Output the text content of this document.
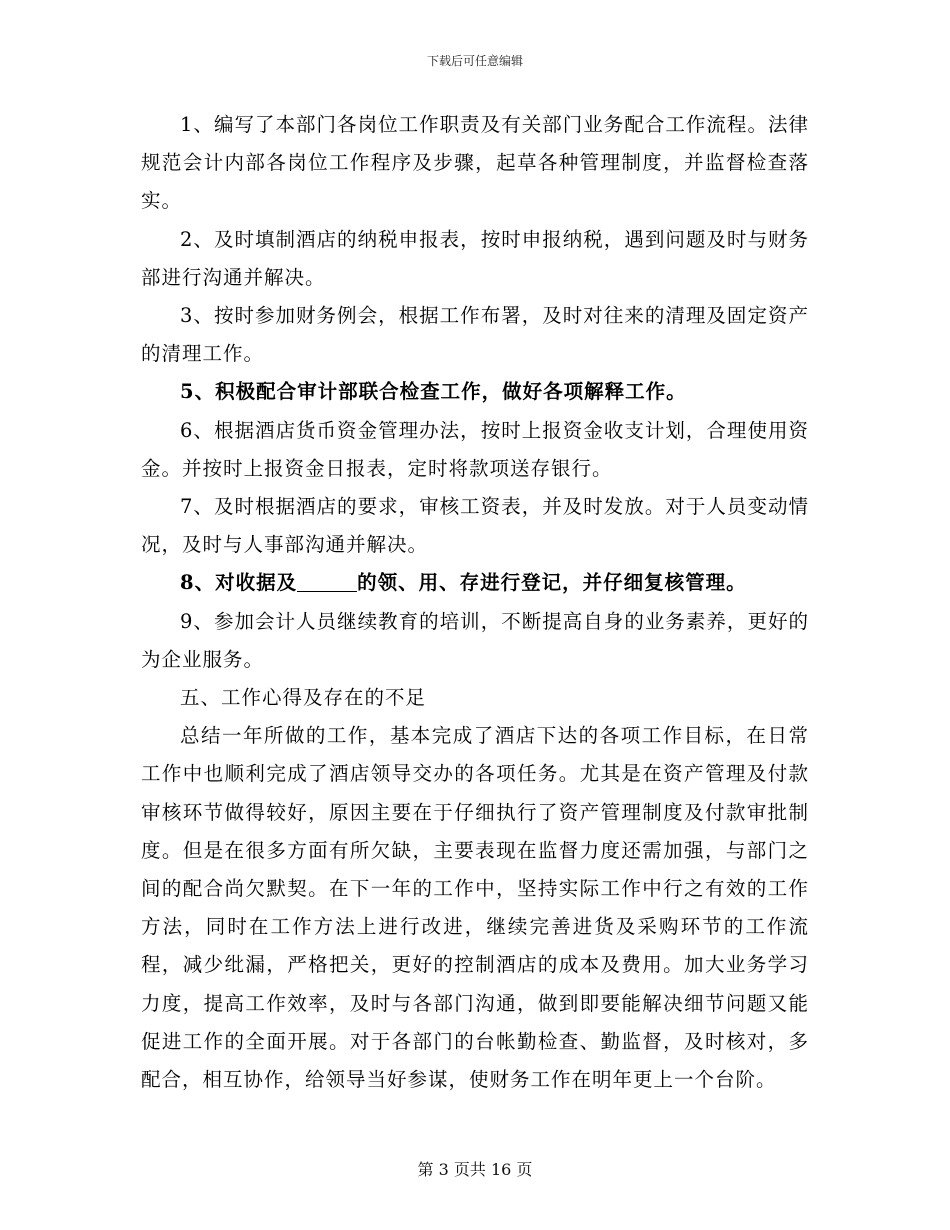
下载后可任意编辑

1、编写了本部门各岗位工作职责及有关部门业务配合工作流程。法律规范会计内部各岗位工作程序及步骤，起草各种管理制度，并监督检查落实。

2、及时填制酒店的纳税申报表，按时申报纳税，遇到问题及时与财务部进行沟通并解决。

3、按时参加财务例会，根据工作布署，及时对往来的清理及固定资产的清理工作。

5、积极配合审计部联合检查工作，做好各项解释工作。

6、根据酒店货币资金管理办法，按时上报资金收支计划，合理使用资金。并按时上报资金日报表，定时将款项送存银行。

7、及时根据酒店的要求，审核工资表，并及时发放。对于人员变动情况，及时与人事部沟通并解决。

8、对收据及	的领、用、存进行登记，并仔细复核管理。

9、参加会计人员继续教育的培训，不断提高自身的业务素养，更好的为企业服务。

五、工作心得及存在的不足

总结一年所做的工作，基本完成了酒店下达的各项工作目标，在日常工作中也顺利完成了酒店领导交办的各项任务。尤其是在资产管理及付款审核环节做得较好，原因主要在于仔细执行了资产管理制度及付款审批制度。但是在很多方面有所欠缺，主要表现在监督力度还需加强，与部门之间的配合尚欠默契。在下一年的工作中，坚持实际工作中行之有效的工作方法，同时在工作方法上进行改进，继续完善进货及采购环节的工作流程，减少纰漏，严格把关，更好的控制酒店的成本及费用。加大业务学习力度，提高工作效率，及时与各部门沟通，做到即要能解决细节问题又能促进工作的全面开展。对于各部门的台帐勤检查、勤监督，及时核对，多配合，相互协作，给领导当好参谋，使财务工作在明年更上一个台阶。

第 3 页共 16 页
